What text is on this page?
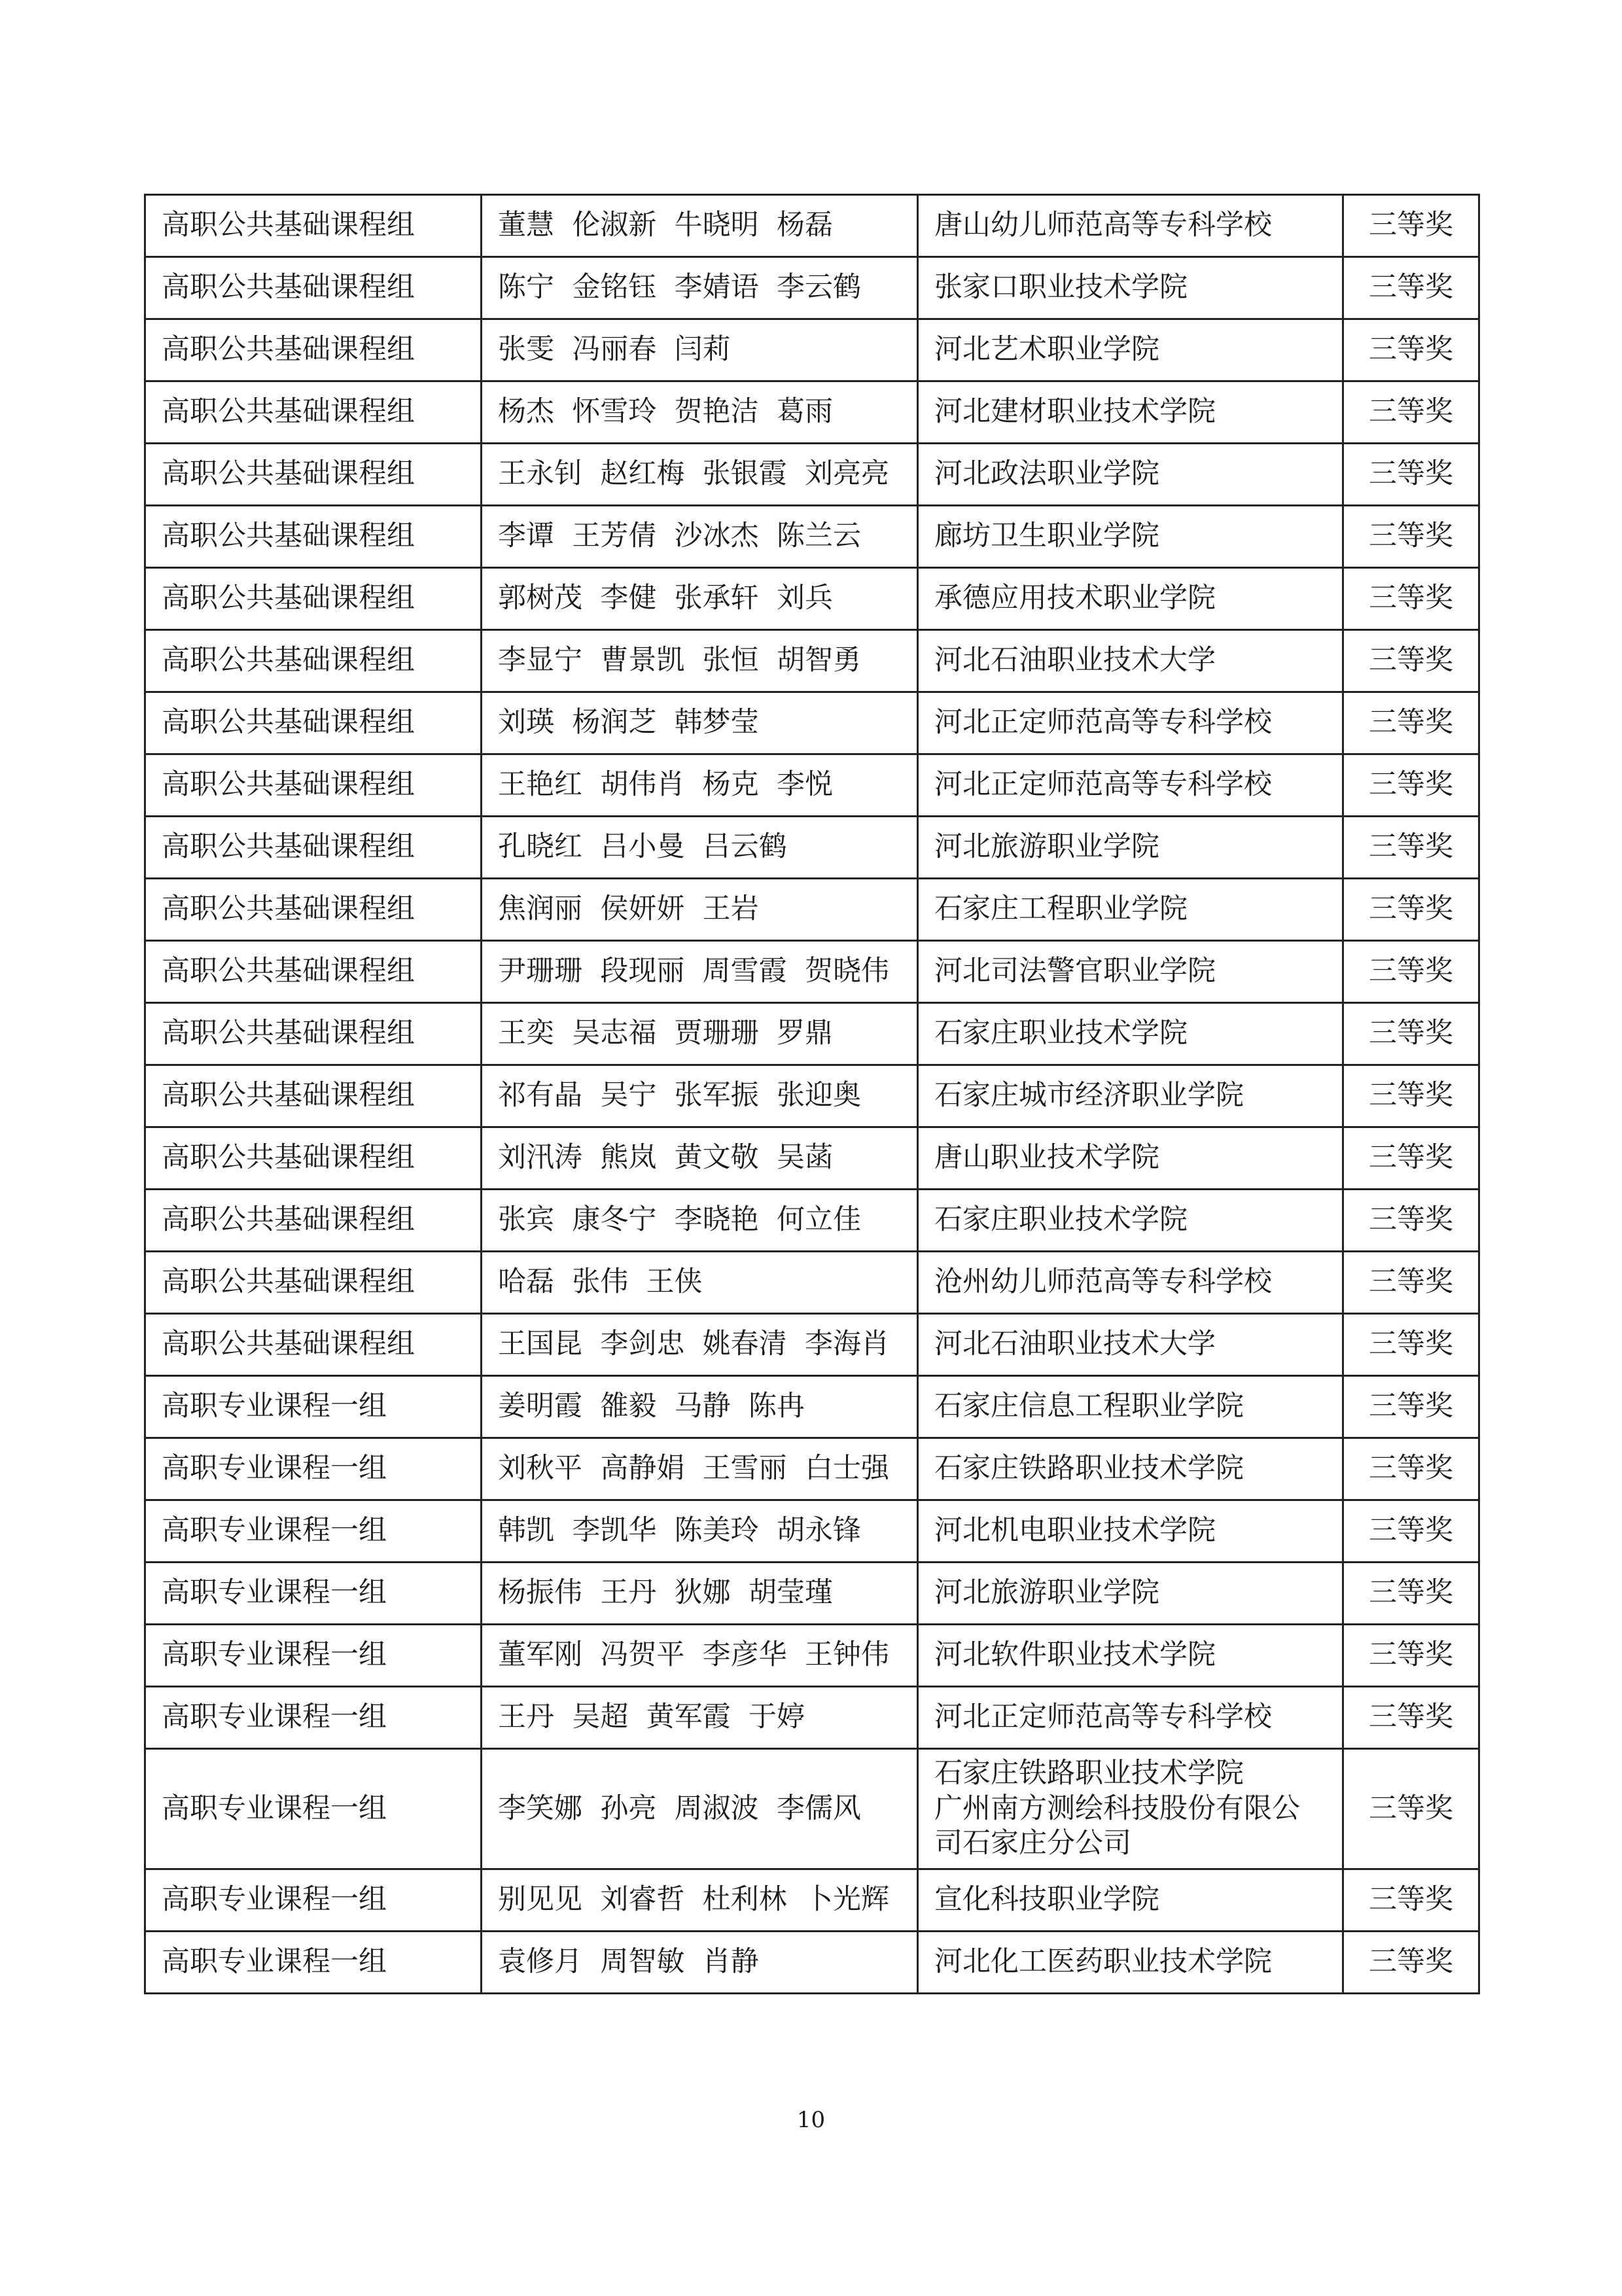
高职公共基础课程组	董慧  伦淑新  牛晓明  杨磊	唐山幼儿师范高等专科学校	三等奖
高职公共基础课程组	陈宁  金铭钰  李婧语  李云鹤	张家口职业技术学院	三等奖
高职公共基础课程组	张雯  冯丽春  闫莉	河北艺术职业学院	三等奖
高职公共基础课程组	杨杰  怀雪玲  贺艳洁  葛雨	河北建材职业技术学院	三等奖
高职公共基础课程组	王永钊  赵红梅  张银霞  刘亮亮	河北政法职业学院	三等奖
高职公共基础课程组	李谭  王芳倩  沙冰杰  陈兰云	廊坊卫生职业学院	三等奖
高职公共基础课程组	郭树茂  李健  张承轩  刘兵	承德应用技术职业学院	三等奖
高职公共基础课程组	李显宁  曹景凯  张恒  胡智勇	河北石油职业技术大学	三等奖
高职公共基础课程组	刘瑛  杨润芝  韩梦莹	河北正定师范高等专科学校	三等奖
高职公共基础课程组	王艳红  胡伟肖  杨克  李悦	河北正定师范高等专科学校	三等奖
高职公共基础课程组	孔晓红  吕小曼  吕云鹤	河北旅游职业学院	三等奖
高职公共基础课程组	焦润丽  侯妍妍  王岩	石家庄工程职业学院	三等奖
高职公共基础课程组	尹珊珊  段现丽  周雪霞  贺晓伟	河北司法警官职业学院	三等奖
高职公共基础课程组	王奕  吴志福  贾珊珊  罗鼎	石家庄职业技术学院	三等奖
高职公共基础课程组	祁有晶  吴宁  张军振  张迎奥	石家庄城市经济职业学院	三等奖
高职公共基础课程组	刘汛涛  熊岚  黄文敬  吴菡	唐山职业技术学院	三等奖
高职公共基础课程组	张宾  康冬宁  李晓艳  何立佳	石家庄职业技术学院	三等奖
高职公共基础课程组	哈磊  张伟  王侠	沧州幼儿师范高等专科学校	三等奖
高职公共基础课程组	王国昆  李剑忠  姚春清  李海肖	河北石油职业技术大学	三等奖
高职专业课程一组	姜明霞  雒毅  马静  陈冉	石家庄信息工程职业学院	三等奖
高职专业课程一组	刘秋平  高静娟  王雪丽  白士强	石家庄铁路职业技术学院	三等奖
高职专业课程一组	韩凯  李凯华  陈美玲  胡永锋	河北机电职业技术学院	三等奖
高职专业课程一组	杨振伟  王丹  狄娜  胡莹瑾	河北旅游职业学院	三等奖
高职专业课程一组	董军刚  冯贺平  李彦华  王钟伟	河北软件职业技术学院	三等奖
高职专业课程一组	王丹  吴超  黄军霞  于婷	河北正定师范高等专科学校	三等奖
高职专业课程一组	李笑娜  孙亮  周淑波  李儒风	石家庄铁路职业技术学院
广州南方测绘科技股份有限公
司石家庄分公司	三等奖
高职专业课程一组	别见见  刘睿哲  杜利林  卜光辉	宣化科技职业学院	三等奖
高职专业课程一组	袁修月  周智敏  肖静	河北化工医药职业技术学院	三等奖
10
